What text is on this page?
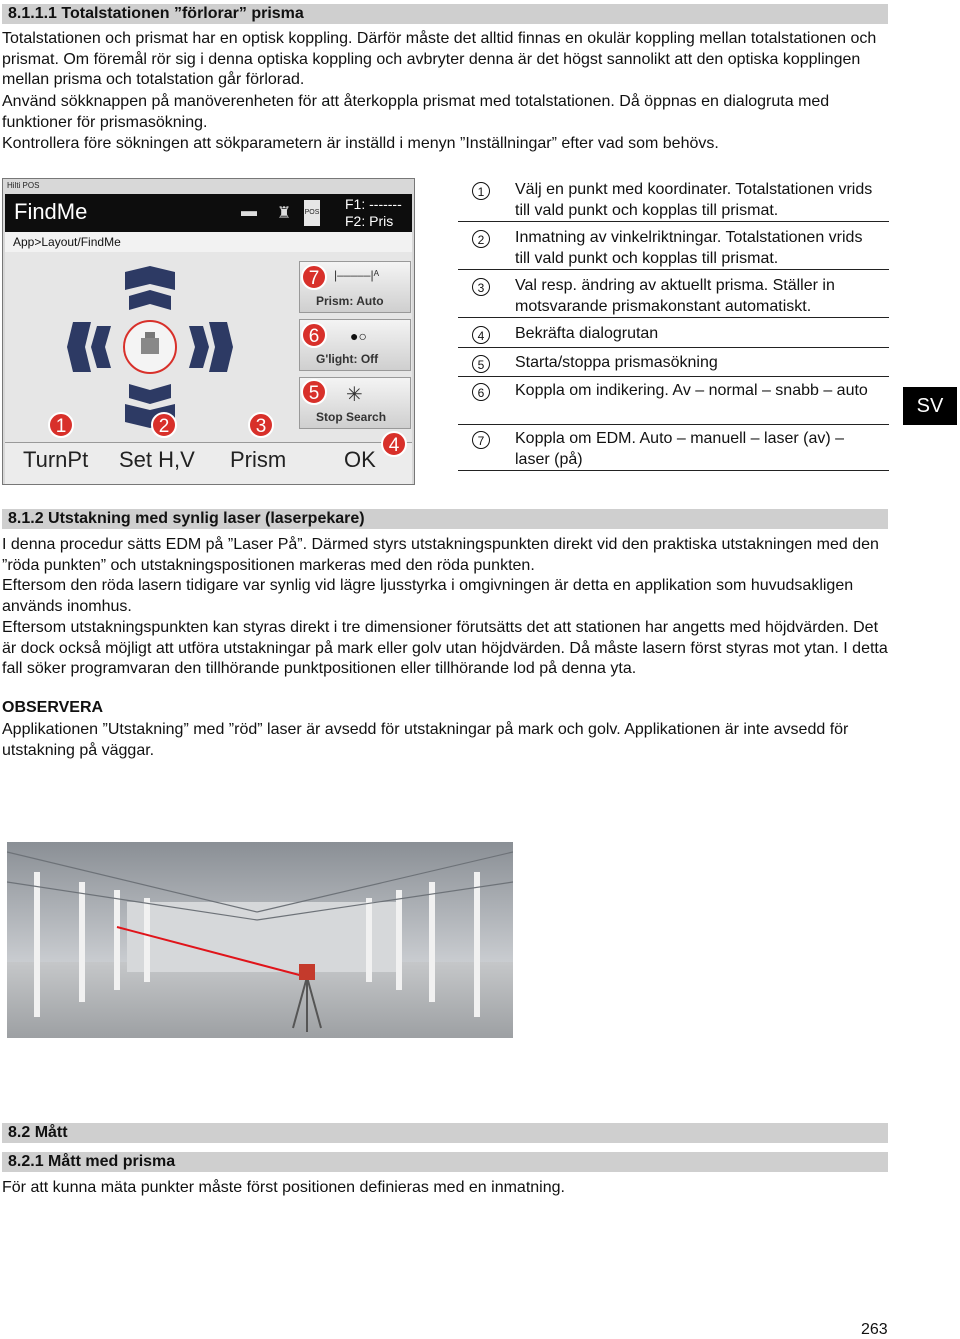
8.1.1.1 Totalstationen ”förlorar” prisma

Totalstationen och prismat har en optisk koppling. Därför måste det alltid finnas en okulär koppling mellan totalstationen och prismat. Om föremål rör sig i denna optiska koppling och avbryter denna är det högst sannolikt att den optiska kopplingen mellan prisma och totalstation går förlorad.

Använd sökknappen på manöverenheten för att återkoppla prismat med totalstationen. Då öppnas en dialogruta med funktioner för prismasökning.

Kontrollera före sökningen att sökparametern är inställd i menyn ”Inställningar” efter vad som behövs.

Hilti POS
FindMe	▬ ♜ POS
F1: -------
F2: Pris
App>Layout/FindMe
|‒‒‒‒‒|ᴬ
Prism: Auto
●○
G'light: Off
✳
Stop Search
TurnPt Set H,V Prism	OK
1	2	3
4
5
6
7
1	Välj en punkt med koordinater. Totalstationen vrids till vald punkt och kopplas till prismat.
2	Inmatning av vinkelriktningar. Totalstationen vrids till vald punkt och kopplas till prismat.
3	Val resp. ändring av aktuellt prisma. Ställer in motsvarande prismakonstant automatiskt.
4	Bekräfta dialogrutan
5	Starta/stoppa prismasökning
6	Koppla om indikering. Av – normal – snabb – auto
7	Koppla om EDM. Auto – manuell – laser (av) – laser (på)
SV
8.1.2 Utstakning med synlig laser (laserpekare)

I denna procedur sätts EDM på ”Laser På”. Därmed styrs utstakningspunkten direkt vid den praktiska utstakningen med den ”röda punkten” och utstakningspositionen markeras med den röda punkten.

Eftersom den röda lasern tidigare var synlig vid lägre ljusstyrka i omgivningen är detta en applikation som huvudsakligen används inomhus.

Eftersom utstakningspunkten kan styras direkt i tre dimensioner förutsätts det att stationen har angetts med höjdvärden. Det är dock också möjligt att utföra utstakningar på mark eller golv utan höjdvärden. Då måste lasern först styras mot ytan. I detta fall söker programvaran den tillhörande punktpositionen eller tillhörande lod på denna yta.

OBSERVERA

Applikationen ”Utstakning” med ”röd” laser är avsedd för utstakningar på mark och golv. Applikationen är inte avsedd för utstakning på väggar.

8.2 Mått
8.2.1 Mått med prisma

För att kunna mäta punkter måste först positionen definieras med en inmatning.

263
